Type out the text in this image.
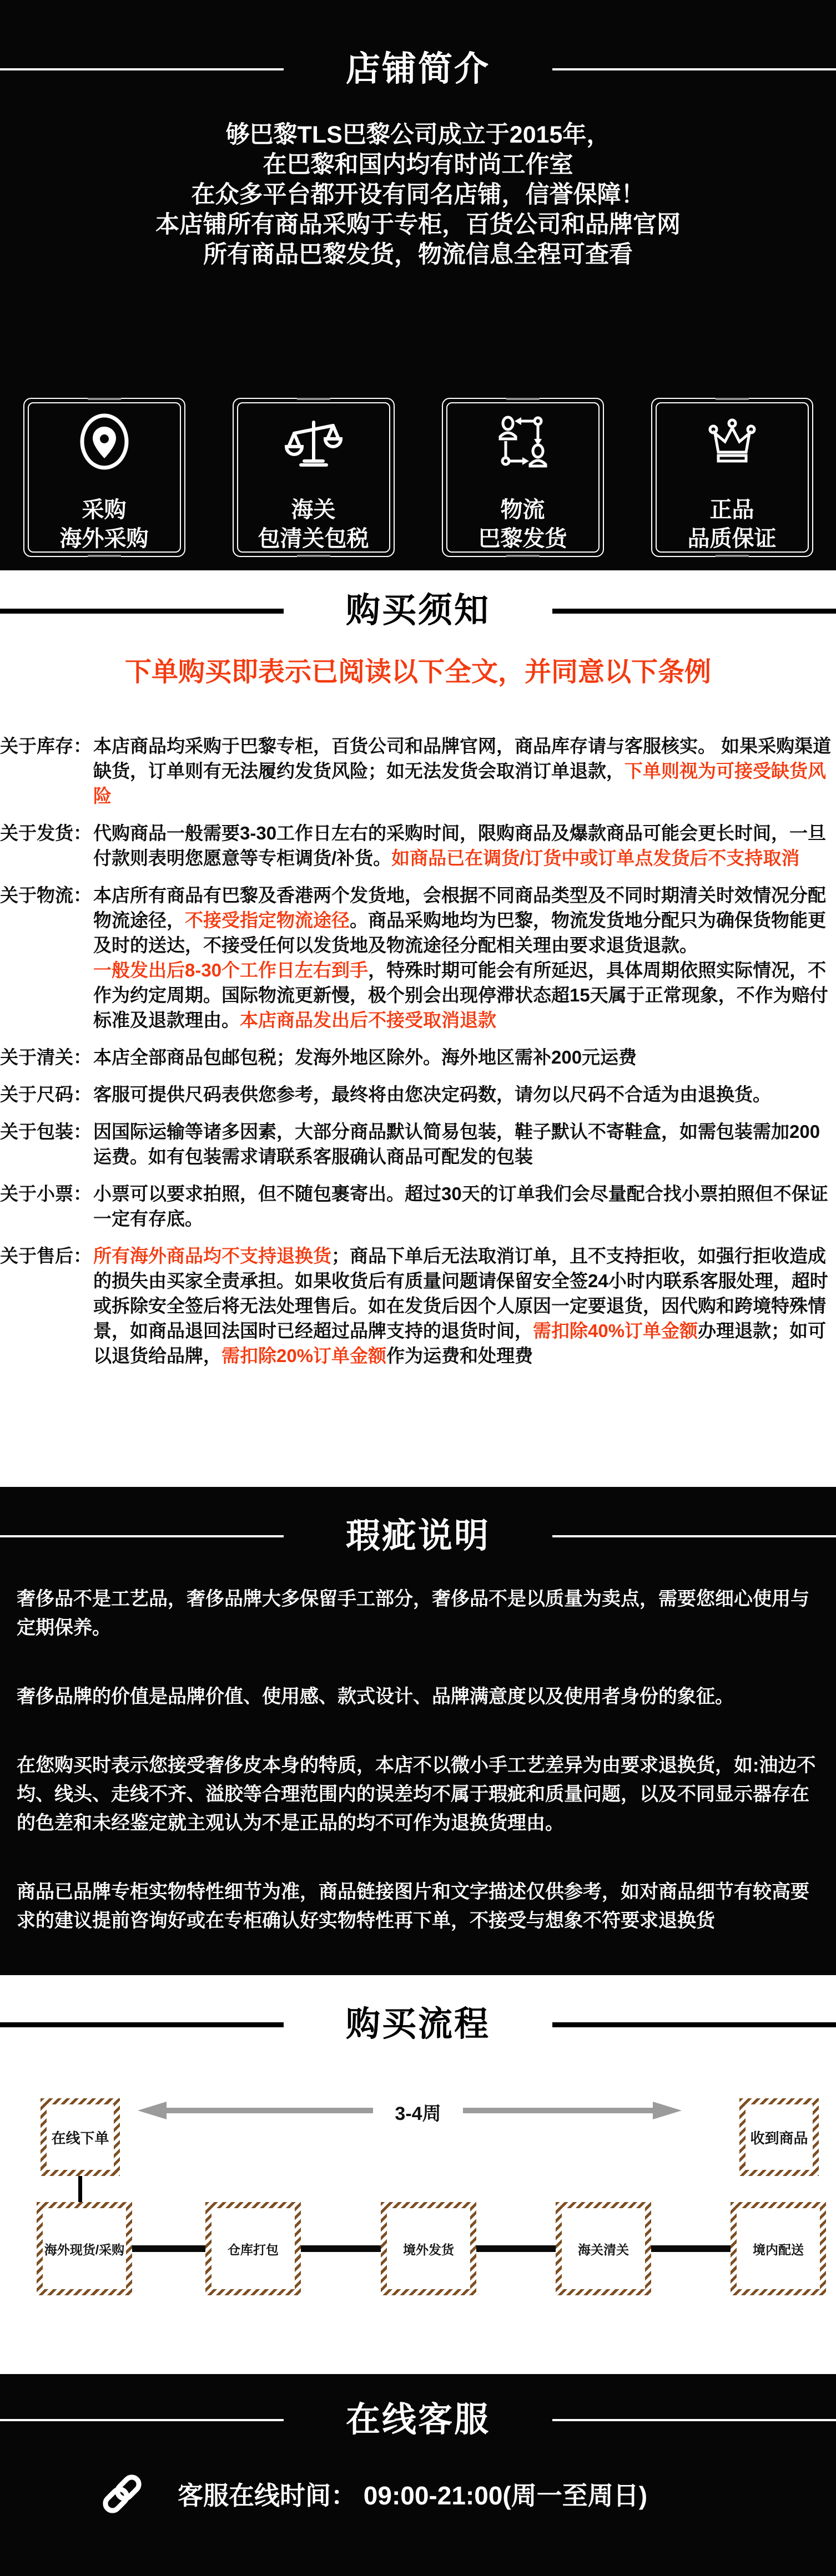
店铺简介
够巴黎TLS巴黎公司成立于2015年，
在巴黎和国内均有时尚工作室
在众多平台都开设有同名店铺，信誉保障！
本店铺所有商品采购于专柜，百货公司和品牌官网
所有商品巴黎发货，物流信息全程可查看
采购
海外采购
海关
包清关包税
物流
巴黎发货
正品
品质保证
购买须知
下单购买即表示已阅读以下全文，并同意以下条例
关于库存： 本店商品均采购于巴黎专柜，百货公司和品牌官网，商品库存请与客服核实。 如果采购渠道缺货，订单则有无法履约发货风险；如无法发货会取消订单退款，下单则视为可接受缺货风险
关于发货： 代购商品一般需要3-30工作日左右的采购时间，限购商品及爆款商品可能会更长时间，一旦付款则表明您愿意等专柜调货/补货。如商品已在调货/订货中或订单点发货后不支持取消
关于物流： 本店所有商品有巴黎及香港两个发货地，会根据不同商品类型及不同时期清关时效情况分配物流途径，不接受指定物流途径。商品采购地均为巴黎，物流发货地分配只为确保货物能更及时的送达，不接受任何以发货地及物流途径分配相关理由要求退货退款。
一般发出后8-30个工作日左右到手，特殊时期可能会有所延迟，具体周期依照实际情况，不作为约定周期。国际物流更新慢，极个别会出现停滞状态超15天属于正常现象，不作为赔付标准及退款理由。本店商品发出后不接受取消退款
关于清关： 本店全部商品包邮包税；发海外地区除外。海外地区需补200元运费
关于尺码： 客服可提供尺码表供您参考，最终将由您决定码数，请勿以尺码不合适为由退换货。
关于包装： 因国际运输等诸多因素，大部分商品默认简易包装，鞋子默认不寄鞋盒，如需包装需加200运费。如有包装需求请联系客服确认商品可配发的包装
关于小票： 小票可以要求拍照，但不随包裹寄出。超过30天的订单我们会尽量配合找小票拍照但不保证一定有存底。
关于售后： 所有海外商品均不支持退换货；商品下单后无法取消订单，且不支持拒收，如强行拒收造成的损失由买家全责承担。如果收货后有质量问题请保留安全签24小时内联系客服处理，超时或拆除安全签后将无法处理售后。如在发货后因个人原因一定要退货，因代购和跨境特殊情景，如商品退回法国时已经超过品牌支持的退货时间，需扣除40%订单金额办理退款；如可以退货给品牌，需扣除20%订单金额作为运费和处理费
瑕疵说明

奢侈品不是工艺品，奢侈品牌大多保留手工部分，奢侈品不是以质量为卖点，需要您细心使用与定期保养。

奢侈品牌的价值是品牌价值、使用感、款式设计、品牌满意度以及使用者身份的象征。

在您购买时表示您接受奢侈皮本身的特质，本店不以微小手工艺差异为由要求退换货，如:油边不均、线头、走线不齐、溢胶等合理范围内的误差均不属于瑕疵和质量问题，以及不同显示器存在的色差和未经鉴定就主观认为不是正品的均不可作为退换货理由。

商品已品牌专柜实物特性细节为准，商品链接图片和文字描述仅供参考，如对商品细节有较高要求的建议提前咨询好或在专柜确认好实物特性再下单，不接受与想象不符要求退换货

购买流程
在线下单	收到商品
3-4周
海外现货/采购	仓库打包	境外发货	海关清关	境内配送
在线客服
客服在线时间： 09:00-21:00(周一至周日)
